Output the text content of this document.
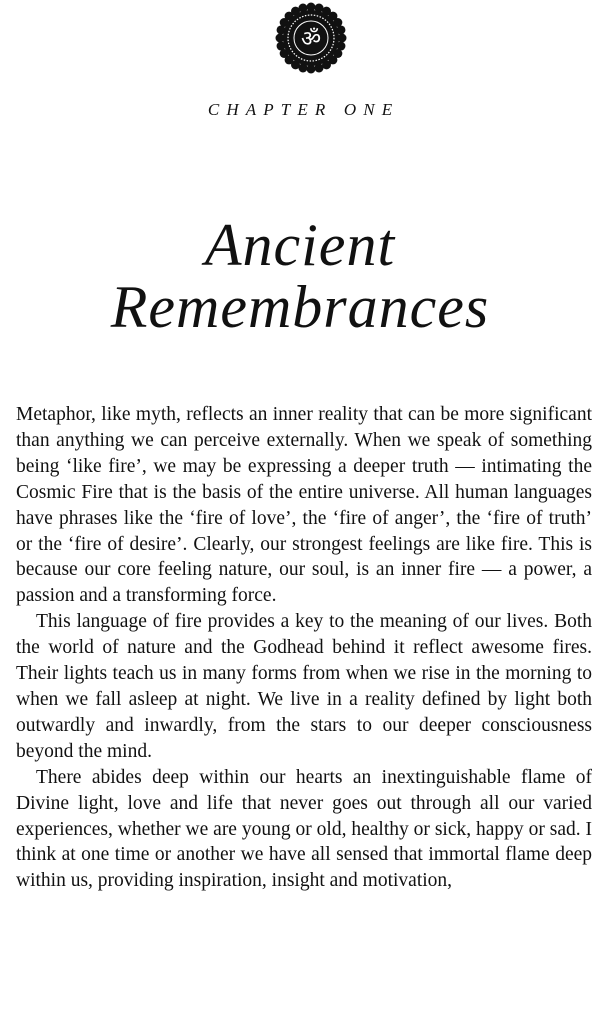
ॐ
CHAPTER ONE
Ancient
Remembrances

Metaphor, like myth, reflects an inner reality that can be more significant than anything we can perceive externally. When we speak of something being ‘like fire’, we may be expressing a deeper truth — intimating the Cosmic Fire that is the basis of the entire universe. All human languages have phrases like the ‘fire of love’, the ‘fire of anger’, the ‘fire of truth’ or the ‘fire of desire’. Clearly, our strongest feelings are like fire. This is because our core feeling nature, our soul, is an inner fire — a power, a passion and a transforming force.

This language of fire provides a key to the meaning of our lives. Both the world of nature and the Godhead behind it reflect awesome fires. Their lights teach us in many forms from when we rise in the morning to when we fall asleep at night. We live in a reality defined by light both outwardly and inwardly, from the stars to our deeper consciousness beyond the mind.

There abides deep within our hearts an inextinguishable flame of Divine light, love and life that never goes out through all our varied experiences, whether we are young or old, healthy or sick, happy or sad. I think at one time or another we have all sensed that immortal flame deep within us, providing inspiration, insight and motivation,
